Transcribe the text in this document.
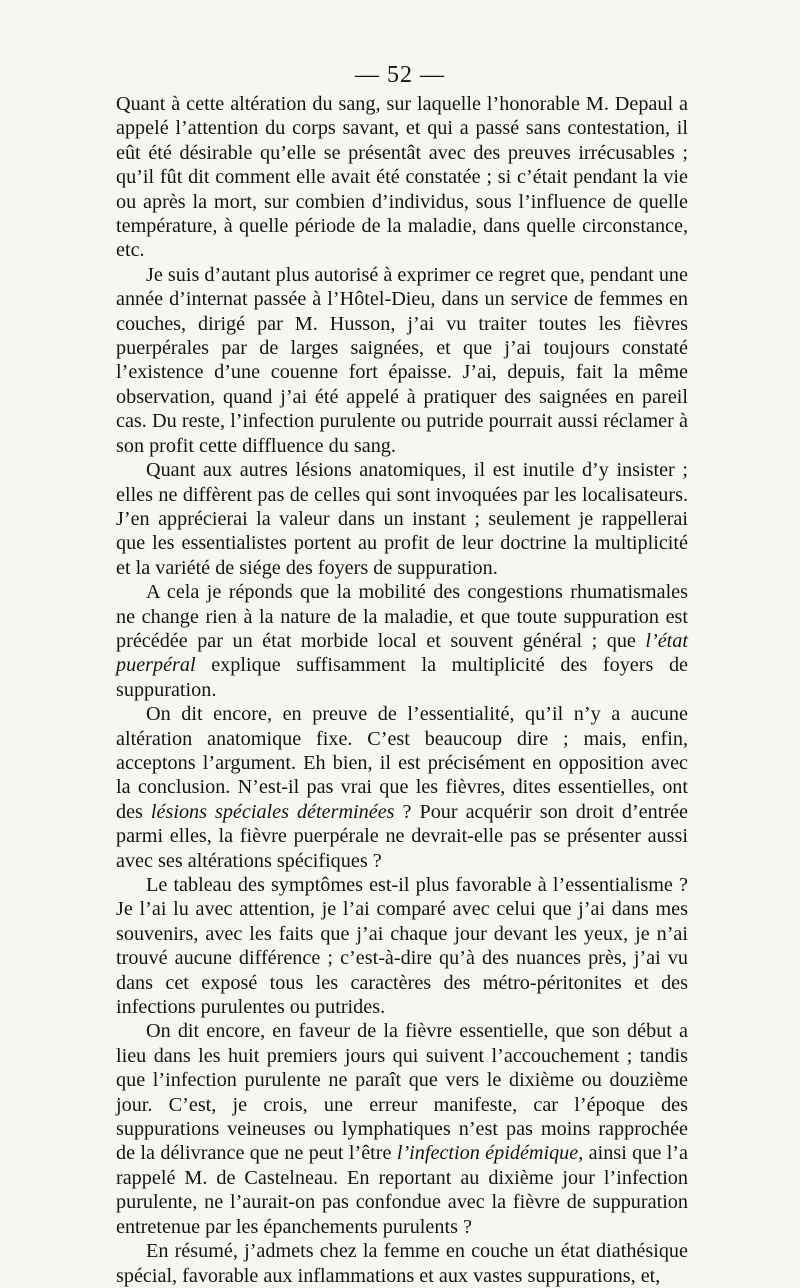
— 52 —

Quant à cette altération du sang, sur laquelle l’honorable M. Depaul a appelé l’attention du corps savant, et qui a passé sans contestation, il eût été désirable qu’elle se présentât avec des preuves irrécusables ; qu’il fût dit comment elle avait été constatée ; si c’était pendant la vie ou après la mort, sur combien d’individus, sous l’influence de quelle température, à quelle période de la maladie, dans quelle circonstance, etc.

Je suis d’autant plus autorisé à exprimer ce regret que, pendant une année d’internat passée à l’Hôtel-Dieu, dans un service de femmes en couches, dirigé par M. Husson, j’ai vu traiter toutes les fièvres puerpérales par de larges saignées, et que j’ai toujours constaté l’existence d’une couenne fort épaisse. J’ai, depuis, fait la même observation, quand j’ai été appelé à pratiquer des saignées en pareil cas. Du reste, l’infection purulente ou putride pourrait aussi réclamer à son profit cette diffluence du sang.

Quant aux autres lésions anatomiques, il est inutile d’y insister ; elles ne diffèrent pas de celles qui sont invoquées par les localisateurs. J’en apprécierai la valeur dans un instant ; seulement je rappellerai que les essentialistes portent au profit de leur doctrine la multiplicité et la variété de siége des foyers de suppuration.

A cela je réponds que la mobilité des congestions rhumatismales ne change rien à la nature de la maladie, et que toute suppuration est précédée par un état morbide local et souvent général ; que l’état puerpéral explique suffisamment la multiplicité des foyers de suppuration.

On dit encore, en preuve de l’essentialité, qu’il n’y a aucune altération anatomique fixe. C’est beaucoup dire ; mais, enfin, acceptons l’argument. Eh bien, il est précisément en opposition avec la conclusion. N’est-il pas vrai que les fièvres, dites essentielles, ont des lésions spéciales déterminées ? Pour acquérir son droit d’entrée parmi elles, la fièvre puerpérale ne devrait-elle pas se présenter aussi avec ses altérations spécifiques ?

Le tableau des symptômes est-il plus favorable à l’essentialisme ? Je l’ai lu avec attention, je l’ai comparé avec celui que j’ai dans mes souvenirs, avec les faits que j’ai chaque jour devant les yeux, je n’ai trouvé aucune différence ; c’est-à-dire qu’à des nuances près, j’ai vu dans cet exposé tous les caractères des métro-péritonites et des infections purulentes ou putrides.

On dit encore, en faveur de la fièvre essentielle, que son début a lieu dans les huit premiers jours qui suivent l’accouchement ; tandis que l’infection purulente ne paraît que vers le dixième ou douzième jour. C’est, je crois, une erreur manifeste, car l’époque des suppurations veineuses ou lymphatiques n’est pas moins rapprochée de la délivrance que ne peut l’être l’infection épidémique, ainsi que l’a rappelé M. de Castelneau. En reportant au dixième jour l’infection purulente, ne l’aurait-on pas confondue avec la fièvre de suppuration entretenue par les épanchements purulents ?

En résumé, j’admets chez la femme en couche un état diathésique spécial, favorable aux inflammations et aux vastes suppurations, et,
